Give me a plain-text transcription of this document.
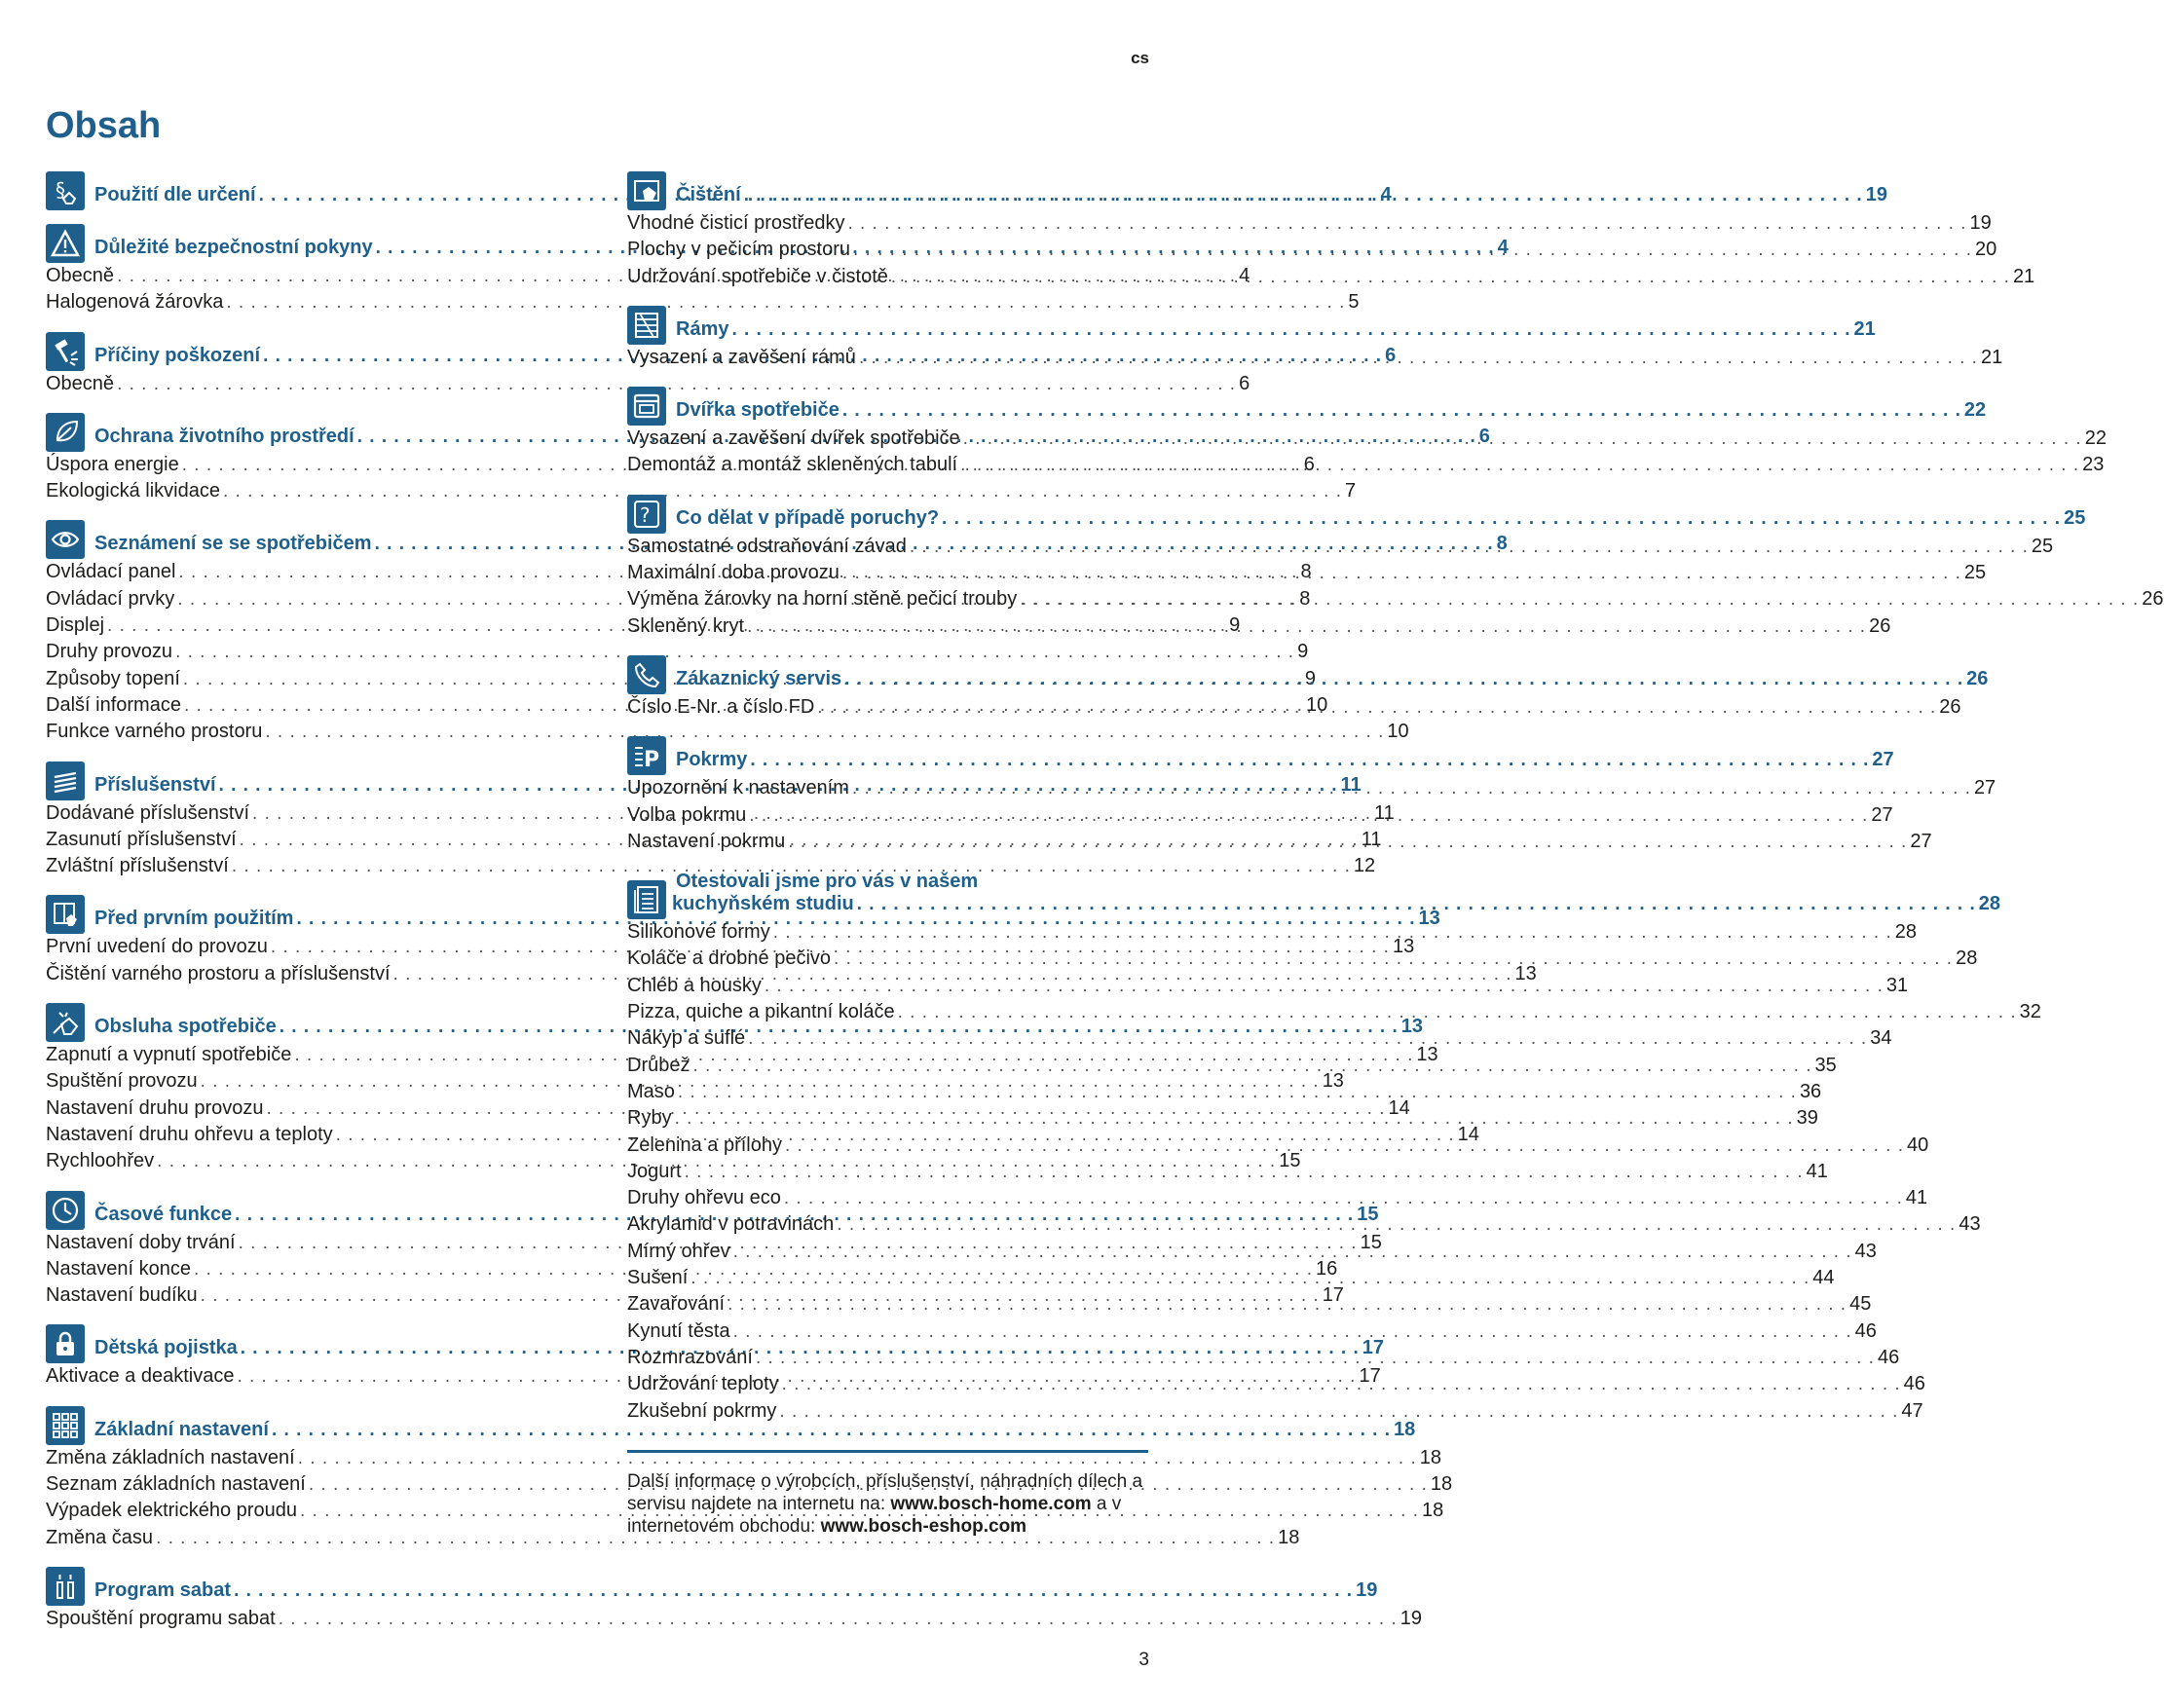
cs
Obsah
§ Použití dle určení . . .	4
Důležité bezpečnostní pokyny . . .	4
Obecně . . .	4
Halogenová žárovka . . .	5
Příčiny poškození . . .	6
Obecně . . .	6
Ochrana životního prostředí . . .	6
Úspora energie . . .	6
Ekologická likvidace . . .	7
Seznámení se se spotřebičem . . .	8
Ovládací panel . . .	8
Ovládací prvky . . .	8
Displej . . .	9
Druhy provozu . . .	9
Způsoby topení . . .	9
Další informace . . .	10
Funkce varného prostoru . . .	10
Příslušenství . . .	11
Dodávané příslušenství . . .	11
Zasunutí příslušenství . . .	11
Zvláštní příslušenství . . .	12
Před prvním použitím . . .	13
První uvedení do provozu . . .	13
Čištění varného prostoru a příslušenství . . .	13
Obsluha spotřebiče . . .	13
Zapnutí a vypnutí spotřebiče . . .	13
Spuštění provozu . . .	13
Nastavení druhu provozu . . .	14
Nastavení druhu ohřevu a teploty . . .	14
Rychloohřev . . .	15
Časové funkce . . .	15
Nastavení doby trvání . . .	15
Nastavení konce . . .	16
Nastavení budíku . . .	17
Dětská pojistka . . .	17
Aktivace a deaktivace . . .	17
Základní nastavení . . .	18
Změna základních nastavení . . .	18
Seznam základních nastavení . . .	18
Výpadek elektrického proudu . . .	18
Změna času . . .	18
Program sabat . . .	19
Spouštění programu sabat . . .	19
Čištění . . .	19
Vhodné čisticí prostředky . . .	19
Plochy v pečicím prostoru . . .	20
Udržování spotřebiče v čistotě . . .	21
Rámy . . .	21
Vysazení a zavěšení rámů . . .	21
Dvířka spotřebiče . . .	22
Vysazení a zavěšení dvířek spotřebiče . . .	22
Demontáž a montáž skleněných tabulí . . .	23
? Co dělat v případě poruchy? . . .	25
Samostatné odstraňování závad . . .	25
Maximální doba provozu . . .	25
Výměna žárovky na horní stěně pečicí trouby . . .	26
Skleněný kryt . . .	26
Zákaznický servis . . .	26
Číslo E-Nr. a číslo FD . . .	26
P Pokrmy . . .	27
Upozornění k nastavením . . .	27
Volba pokrmu . . .	27
Nastavení pokrmu . . .	27
Otestovali jsme pro vás v našem
kuchyňském studiu . . .	28
Silikonové formy . . .	28
Koláče a drobné pečivo . . .	28
Chléb a housky . . .	31
Pizza, quiche a pikantní koláče . . .	32
Nákyp a suflé . . .	34
Drůbež . . .	35
Maso . . .	36
Ryby . . .	39
Zelenina a přílohy . . .	40
Jogurt . . .	41
Druhy ohřevu eco . . .	41
Akrylamid v potravinách . . .	43
Mírný ohřev . . .	43
Sušení . . .	44
Zavařování . . .	45
Kynutí těsta . . .	46
Rozmrazování . . .	46
Udržování teploty . . .	46
Zkušební pokrmy . . .	47
Další informace o výrobcích, příslušenství, náhradních dílech a servisu najdete na internetu na: www.bosch-home.com a v internetovém obchodu: www.bosch-eshop.com
3
